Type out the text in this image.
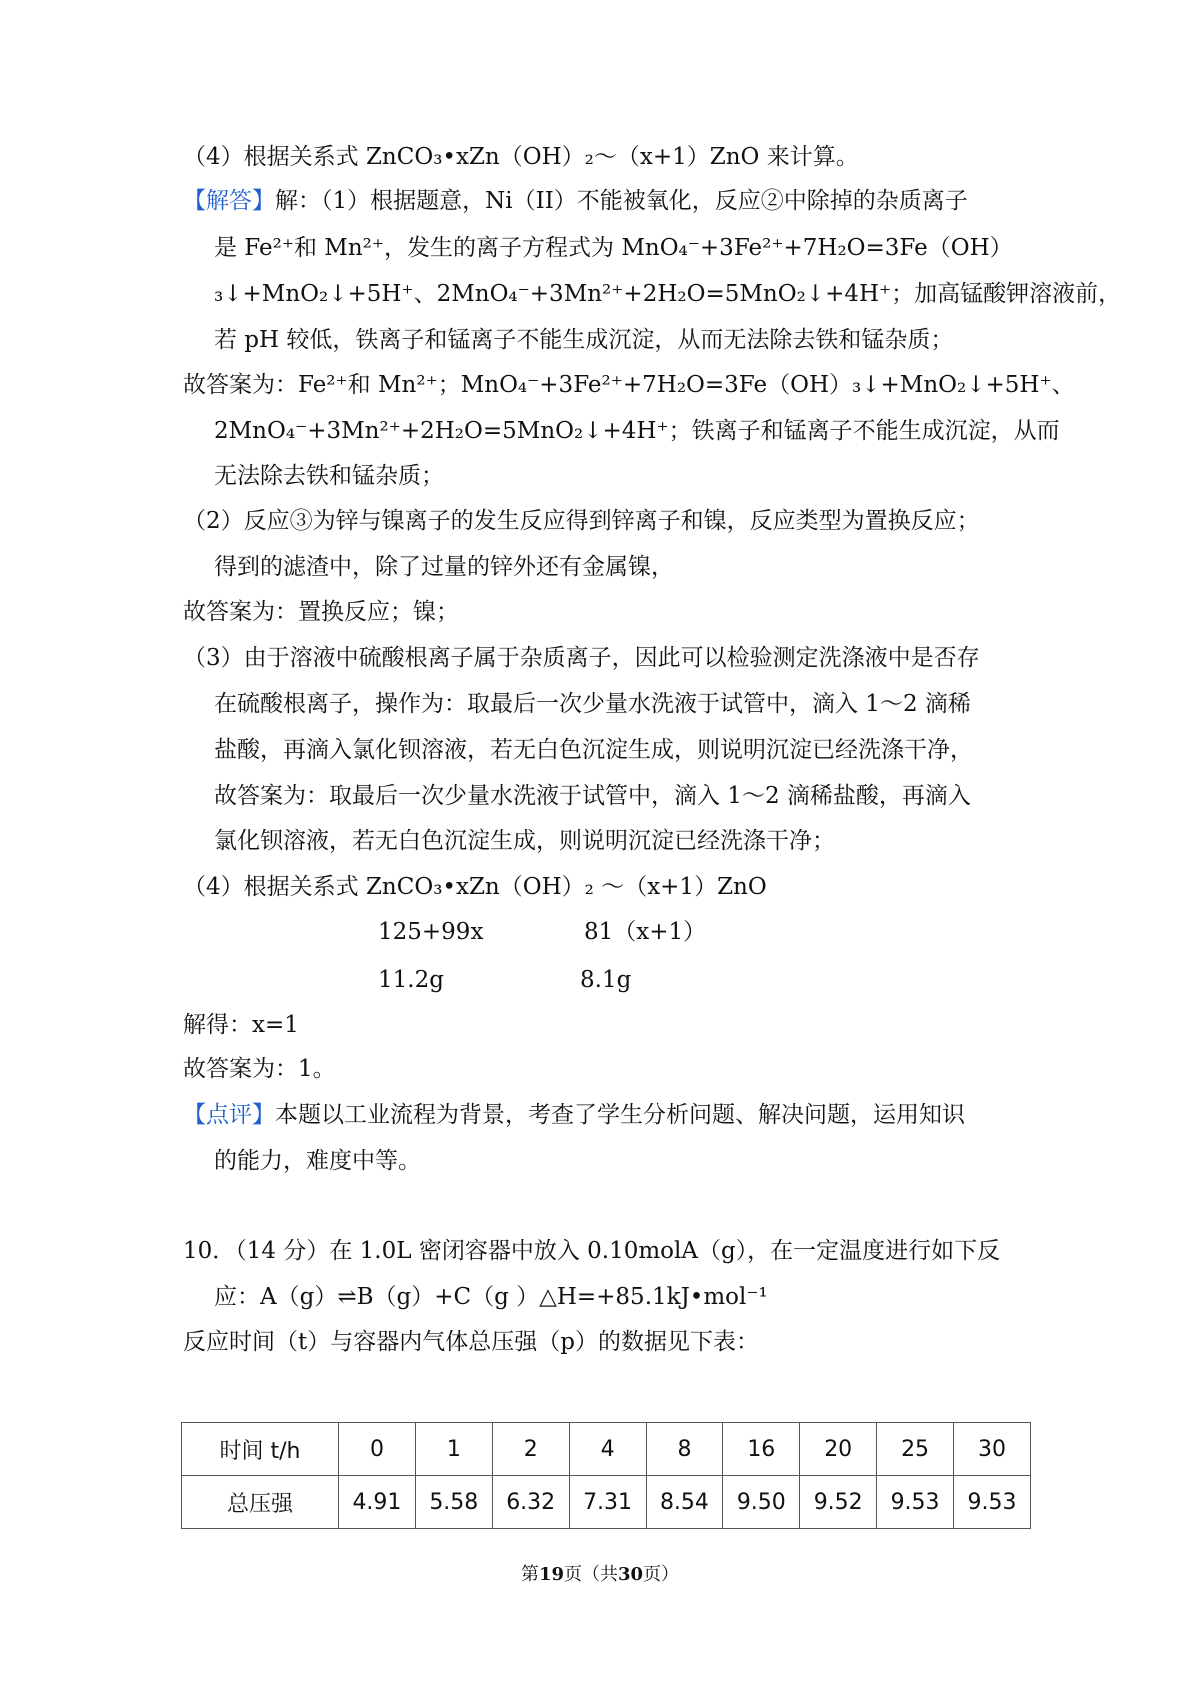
（4）根据关系式 ZnCO₃•xZn（OH）₂～（x+1）ZnO 来计算。
【解答】解：（1）根据题意，Ni（II）不能被氧化，反应②中除掉的杂质离子
是 Fe²⁺和 Mn²⁺，发生的离子方程式为 MnO₄⁻+3Fe²⁺+7H₂O=3Fe（OH）
₃↓+MnO₂↓+5H⁺、2MnO₄⁻+3Mn²⁺+2H₂O=5MnO₂↓+4H⁺；加高锰酸钾溶液前，
若 pH 较低，铁离子和锰离子不能生成沉淀，从而无法除去铁和锰杂质；
故答案为：Fe²⁺和 Mn²⁺；MnO₄⁻+3Fe²⁺+7H₂O=3Fe（OH）₃↓+MnO₂↓+5H⁺、
2MnO₄⁻+3Mn²⁺+2H₂O=5MnO₂↓+4H⁺；铁离子和锰离子不能生成沉淀，从而
无法除去铁和锰杂质；
（2）反应③为锌与镍离子的发生反应得到锌离子和镍，反应类型为置换反应；
得到的滤渣中，除了过量的锌外还有金属镍，
故答案为：置换反应；镍；
（3）由于溶液中硫酸根离子属于杂质离子，因此可以检验测定洗涤液中是否存
在硫酸根离子，操作为：取最后一次少量水洗液于试管中，滴入 1～2 滴稀
盐酸，再滴入氯化钡溶液，若无白色沉淀生成，则说明沉淀已经洗涤干净，
故答案为：取最后一次少量水洗液于试管中，滴入 1～2 滴稀盐酸，再滴入
氯化钡溶液，若无白色沉淀生成，则说明沉淀已经洗涤干净；
（4）根据关系式 ZnCO₃•xZn（OH）₂ ～（x+1）ZnO
125+99x	81（x+1）
11.2g	8.1g
解得：x=1
故答案为：1。
【点评】本题以工业流程为背景，考查了学生分析问题、解决问题，运用知识
的能力，难度中等。
10．（14 分）在 1.0L 密闭容器中放入 0.10molA（g），在一定温度进行如下反
应：A（g）⇌B（g）+C（g ）△H=+85.1kJ•mol⁻¹
反应时间（t）与容器内气体总压强（p）的数据见下表：
时间 t/h	0	1	2	4	8	16	20	25	30
总压强	4.91	5.58	6.32	7.31	8.54	9.50	9.52	9.53	9.53
第19页（共30页）
